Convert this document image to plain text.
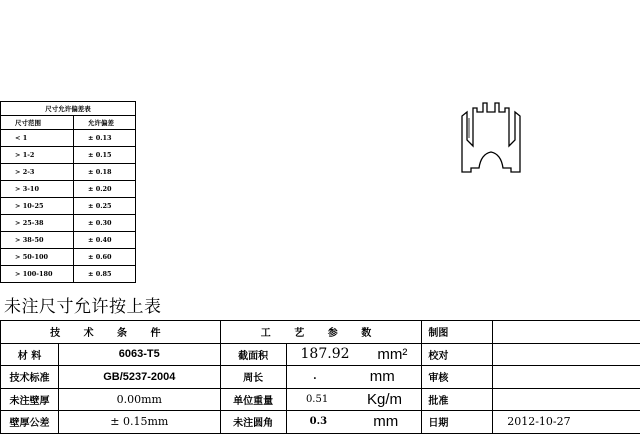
尺寸允许偏差表	
尺寸范围	允许偏差
< 1	± 0.13
> 1-2	± 0.15
> 2-3	± 0.18
> 3-10	± 0.20
> 10-25	± 0.25
> 25-38	± 0.30
> 38-50	± 0.40
> 50-100	± 0.60
> 100-180	± 0.85
未注尺寸允许按上表
技 术 条 件		工 艺 参 数		制图	
材 料	6063-T5	截面积	187.92 mm²	校对	
技术标准	GB/5237-2004	周长	. mm	审核	
未注壁厚	0.00mm	单位重量	0.51 Kg/m	批准	
壁厚公差	± 0.15mm	未注圆角	0.3 mm	日期	2012-10-27
